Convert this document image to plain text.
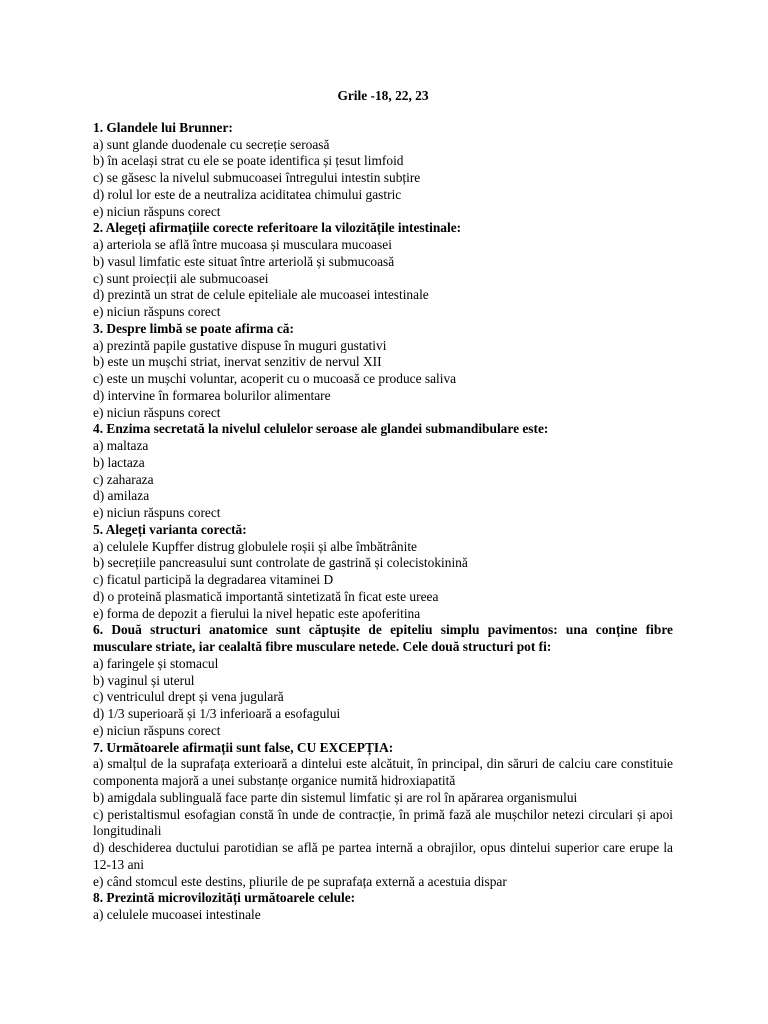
Grile -18, 22, 23

1. Glandele lui Brunner:

a) sunt glande duodenale cu secreție seroasă

b) în același strat cu ele se poate identifica și țesut limfoid

c) se găsesc la nivelul submucoasei întregului intestin subțire

d) rolul lor este de a neutraliza aciditatea chimului gastric

e) niciun răspuns corect

2. Alegeți afirmațiile corecte referitoare la vilozitățile intestinale:

a) arteriola se află între mucoasa și musculara mucoasei

b) vasul limfatic este situat între arteriolă și submucoasă

c) sunt proiecții ale submucoasei

d) prezintă un strat de celule epiteliale ale mucoasei intestinale

e) niciun răspuns corect

3. Despre limbă se poate afirma că:

a) prezintă papile gustative dispuse în muguri gustativi

b) este un mușchi striat, inervat senzitiv de nervul XII

c) este un mușchi voluntar, acoperit cu o mucoasă ce produce saliva

d) intervine în formarea bolurilor alimentare

e) niciun răspuns corect

4. Enzima secretată la nivelul celulelor seroase ale glandei submandibulare este:

a) maltaza

b) lactaza

c) zaharaza

d) amilaza

e) niciun răspuns corect

5. Alegeți varianta corectă:

a) celulele Kupffer distrug globulele roșii și albe îmbătrânite

b) secrețiile pancreasului sunt controlate de gastrină și colecistokinină

c) ficatul participă la degradarea vitaminei D

d) o proteină plasmatică importantă sintetizată în ficat este ureea

e) forma de depozit a fierului la nivel hepatic este apoferitina

6. Două structuri anatomice sunt căptușite de epiteliu simplu pavimentos: una conține fibre musculare striate, iar cealaltă fibre musculare netede. Cele două structuri pot fi:

a) faringele și stomacul

b) vaginul și uterul

c) ventriculul drept și vena jugulară

d) 1/3 superioară și 1/3 inferioară a esofagului

e) niciun răspuns corect

7. Următoarele afirmații sunt false, CU EXCEPȚIA:

a) smalțul de la suprafața exterioară a dintelui este alcătuit, în principal, din săruri de calciu care constituie componenta majoră a unei substanțe organice numită hidroxiapatită

b) amigdala sublinguală face parte din sistemul limfatic și are rol în apărarea organismului

c) peristaltismul esofagian constă în unde de contracție, în primă fază ale mușchilor netezi circulari și apoi longitudinali

d) deschiderea ductului parotidian se află pe partea internă a obrajilor, opus dintelui superior care erupe la 12-13 ani

e) când stomcul este destins, pliurile de pe suprafața externă a acestuia dispar

8. Prezintă microvilozități următoarele celule:

a) celulele mucoasei intestinale
